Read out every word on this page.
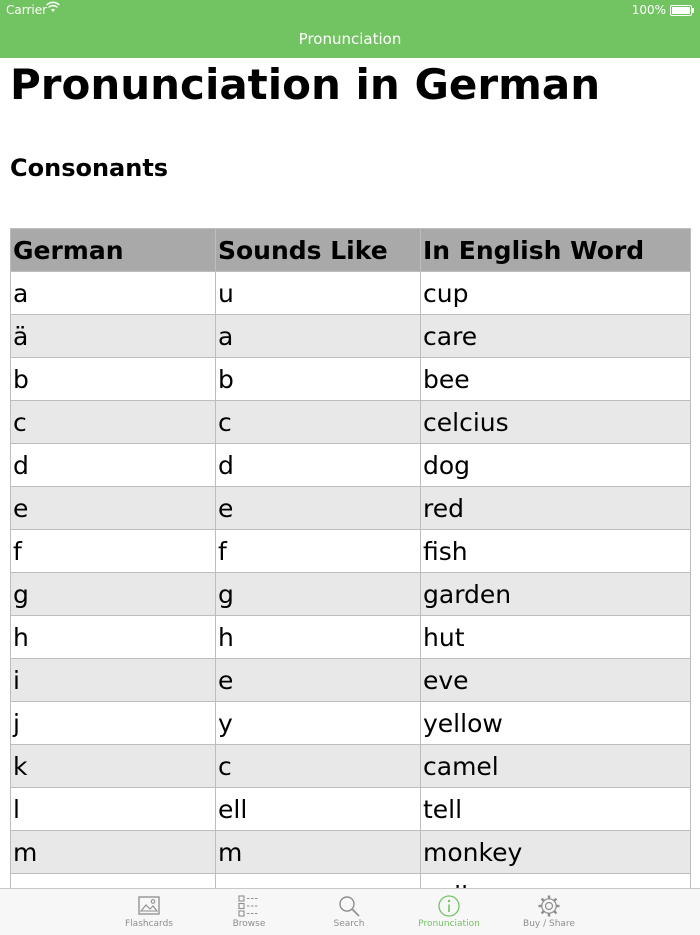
Carrier	100%
Pronunciation
Pronunciation in German
Consonants
German	Sounds Like	In English Word
a	u	cup
ä	a	care
b	b	bee
c	c	celcius
d	d	dog
e	e	red
f	f	fish
g	g	garden
h	h	hut
i	e	eve
j	y	yellow
k	c	camel
l	ell	tell
m	m	monkey

Flashcards	Browse	Search	Pronunciation	Buy / Share
